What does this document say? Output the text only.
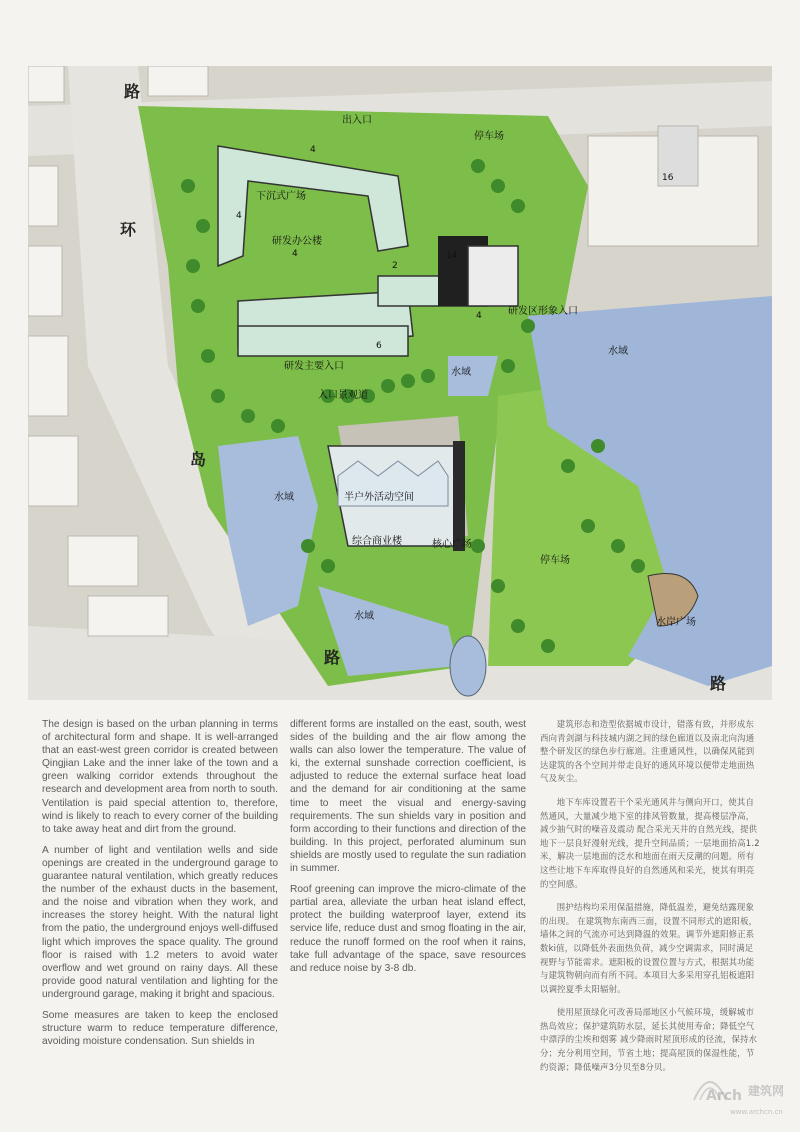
路
环
岛
路
路
出入口
停车场
下沉式广场
研发办公楼
研发区形象入口
水域
研发主要入口
水域
入口景观道
水域	半户外活动空间
综合商业楼	核心广场
停车场
水岸广场
水域
4
4
4
2
14
4
6
16

The design is based on the urban planning in terms of architectural form and shape. It is well-arranged that an east-west green corridor is created between Qingjian Lake and the inner lake of the town and a green walking corridor extends throughout the research and development area from north to south. Ventilation is paid special attention to, therefore, wind is likely to reach to every corner of the building to take away heat and dirt from the ground.

A number of light and ventilation wells and side openings are created in the underground garage to guarantee natural ventilation, which greatly reduces the number of the exhaust ducts in the basement, and the noise and vibration when they work, and increases the storey height. With the natural light from the patio, the underground enjoys well-diffused light which improves the space quality. The ground floor is raised with 1.2 meters to avoid water overflow and wet ground on rainy days. All these provide good natural ventilation and lighting for the underground garage, making it bright and spacious.

Some measures are taken to keep the enclosed structure warm to reduce temperature difference, avoiding moisture condensation. Sun shields in

different forms are installed on the east, south, west sides of the building and the air flow among the walls can also lower the temperature. The value of ki, the external sunshade correction coefficient, is adjusted to reduce the external surface heat load and the demand for air conditioning at the same time to meet the visual and energy-saving requirements. The sun shields vary in position and form according to their functions and direction of the building. In this project, perforated aluminum sun shields are mostly used to regulate the sun radiation in summer.

Roof greening can improve the micro-climate of the partial area, alleviate the urban heat island effect, protect the building waterproof layer, extend its service life, reduce dust and smog floating in the air, reduce the runoff formed on the roof when it rains, take full advantage of the space, save resources and reduce noise by 3-8 db.

建筑形态和造型依据城市设计，错落有致，并形成东西向青剑湖与科技城内湖之间的绿色廊道以及南北向沟通整个研发区的绿色步行廊道。注重通风性，以确保风能到达建筑的各个空间并带走良好的通风环境以便带走地面热气及灰尘。

地下车库设置若干个采光通风井与侧向开口，使其自然通风，大量减少地下室的排风管数量，提高楼层净高，减少抽气时的噪音及震动 配合采光天井的自然光线，提供地下一层良好漫射光线，提升空间品质；一层地面抬高1.2米，解决一层地面的泛水和地面在雨天反潮的问题。所有这些让地下车库取得良好的自然通风和采光，使其有明亮的空间感。

围护结构均采用保温措施，降低温差，避免结露现象的出现。 在建筑物东南西三面，设置不同形式的遮阳板，墙体之间的气流亦可达到降温的效果。调节外遮阳修正系数ki值，以降低外表面热负荷，减少空调需求，同时满足视野与节能需求。遮阳板的设置位置与方式，根据其功能与建筑物朝向而有所不同。本项目大多采用穿孔铝板遮阳以调控夏季太阳辐射。

使用屋顶绿化可改善局部地区小气候环境，缓解城市热岛效应；保护建筑防水层，延长其使用寿命；降低空气中漂浮的尘埃和烟雾 减少降雨时屋顶形成的径流，保持水分；充分利用空间，节省土地；提高屋顶的保湿性能，节约资源；降低噪声3分贝至8分贝。

Arch 建筑网
www.archcn.cn
